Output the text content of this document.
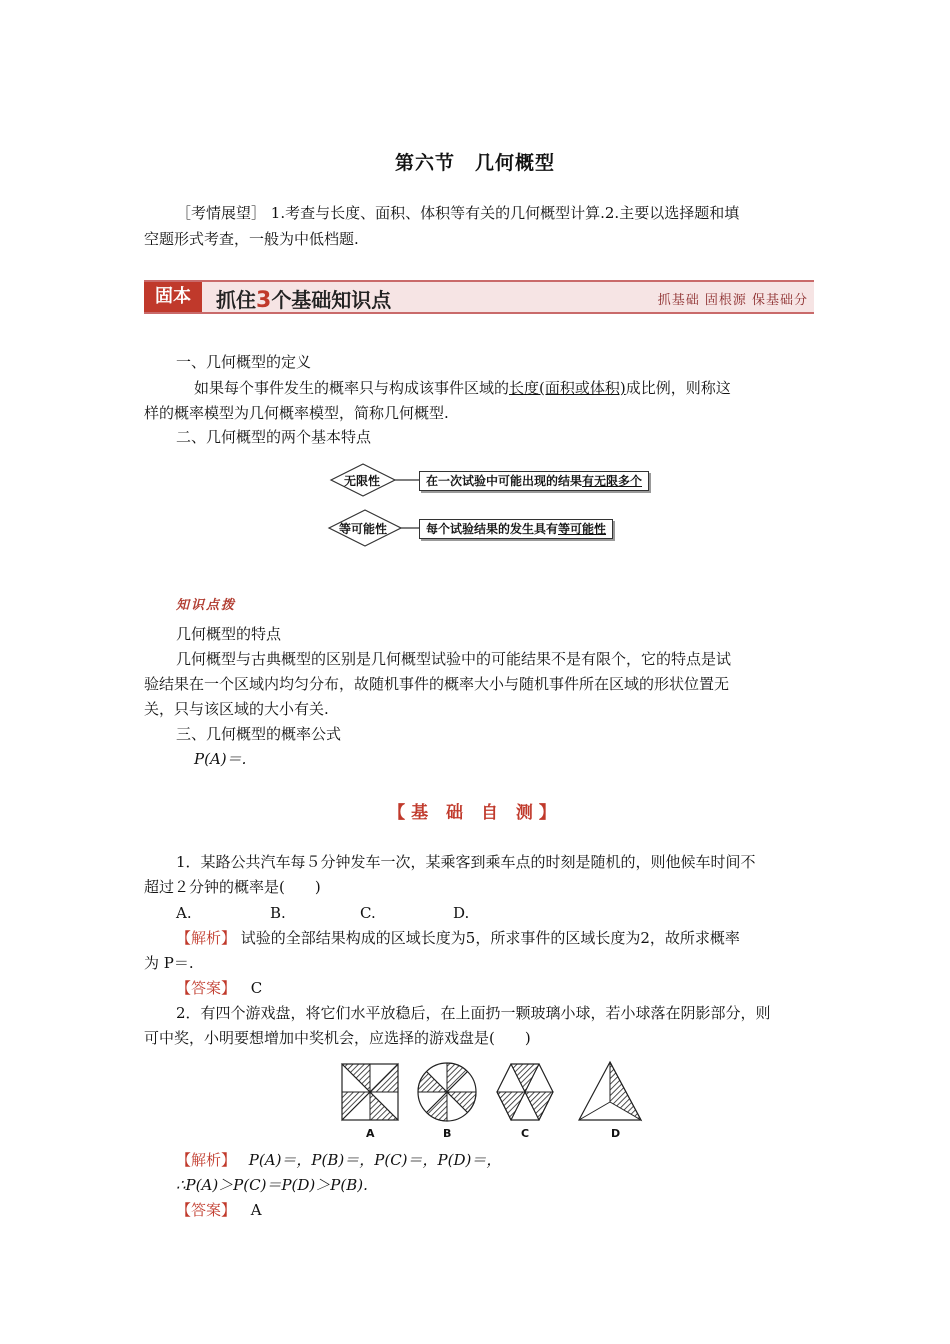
第六节　几何概型
［考情展望］ 1.考查与长度、面积、体积等有关的几何概型计算.2.主要以选择题和填
空题形式考查，一般为中低档题.
固本	抓住3个基础知识点	抓基础 固根源 保基础分
一、几何概型的定义
如果每个事件发生的概率只与构成该事件区域的长度(面积或体积)成比例，则称这
样的概率模型为几何概率模型，简称几何概型.
二、几何概型的两个基本特点
无限性
等可能性
在一次试验中可能出现的结果有无限多个
每个试验结果的发生具有等可能性
知识点拨
几何概型的特点
几何概型与古典概型的区别是几何概型试验中的可能结果不是有限个，它的特点是试
验结果在一个区域内均匀分布，故随机事件的概率大小与随机事件所在区域的形状位置无
关，只与该区域的大小有关.
三、几何概型的概率公式
P(A)＝.
【基 础 自 测】
1．某路公共汽车每５分钟发车一次，某乘客到乘车点的时刻是随机的，则他候车时间不
超过２分钟的概率是(　　)
A.	B.	C.	D.
【解析】 试验的全部结果构成的区域长度为5，所求事件的区域长度为2，故所求概率
为 P＝.
【答案】 C
2．有四个游戏盘，将它们水平放稳后，在上面扔一颗玻璃小球，若小球落在阴影部分，则
可中奖，小明要想增加中奖机会，应选择的游戏盘是(　　)
A	B	C	D
【解析】 P(A)＝，P(B)＝，P(C)＝，P(D)＝，
∴P(A)＞P(C)＝P(D)＞P(B).
【答案】 A
